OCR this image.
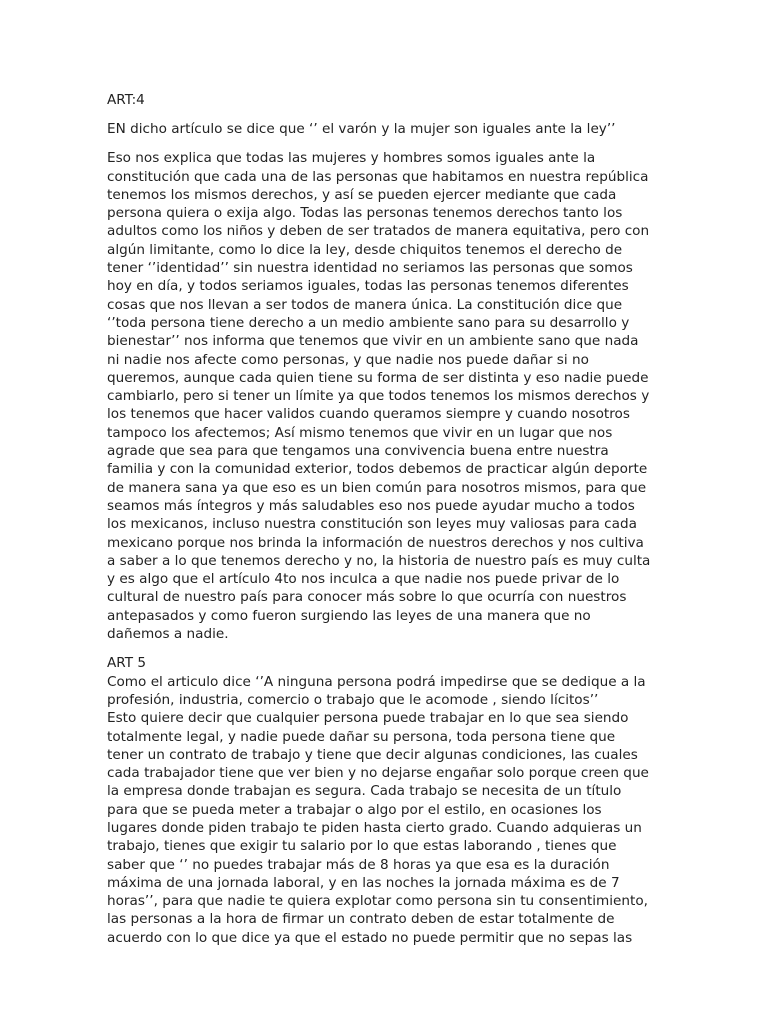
ART:4
EN dicho artículo se dice que ‘’ el varón y la mujer son iguales ante la ley’’
Eso nos explica que todas las mujeres y hombres somos iguales ante la
constitución que cada una de las personas que habitamos en nuestra república
tenemos los mismos derechos, y así se pueden ejercer mediante que cada
persona quiera o exija algo. Todas las personas tenemos derechos tanto los
adultos como los niños y deben de ser tratados de manera equitativa, pero con
algún limitante, como lo dice la ley, desde chiquitos tenemos el derecho de
tener ‘’identidad’’ sin nuestra identidad no seriamos las personas que somos
hoy en día, y todos seriamos iguales, todas las personas tenemos diferentes
cosas que nos llevan a ser todos de manera única. La constitución dice que
‘’toda persona tiene derecho a un medio ambiente sano para su desarrollo y
bienestar’’ nos informa que tenemos que vivir en un ambiente sano que nada
ni nadie nos afecte como personas, y que nadie nos puede dañar si no
queremos, aunque cada quien tiene su forma de ser distinta y eso nadie puede
cambiarlo, pero si tener un límite ya que todos tenemos los mismos derechos y
los tenemos que hacer validos cuando queramos siempre y cuando nosotros
tampoco los afectemos; Así mismo tenemos que vivir en un lugar que nos
agrade que sea para que tengamos una convivencia buena entre nuestra
familia y con la comunidad exterior, todos debemos de practicar algún deporte
de manera sana ya que eso es un bien común para nosotros mismos, para que
seamos más íntegros y más saludables eso nos puede ayudar mucho a todos
los mexicanos, incluso nuestra constitución son leyes muy valiosas para cada
mexicano porque nos brinda la información de nuestros derechos y nos cultiva
a saber a lo que tenemos derecho y no, la historia de nuestro país es muy culta
y es algo que el artículo 4to nos inculca a que nadie nos puede privar de lo
cultural de nuestro país para conocer más sobre lo que ocurría con nuestros
antepasados y como fueron surgiendo las leyes de una manera que no
dañemos a nadie.
ART 5
Como el articulo dice ‘’A ninguna persona podrá impedirse que se dedique a la
profesión, industria, comercio o trabajo que le acomode , siendo lícitos’’
Esto quiere decir que cualquier persona puede trabajar en lo que sea siendo
totalmente legal, y nadie puede dañar su persona, toda persona tiene que
tener un contrato de trabajo y tiene que decir algunas condiciones, las cuales
cada trabajador tiene que ver bien y no dejarse engañar solo porque creen que
la empresa donde trabajan es segura. Cada trabajo se necesita de un título
para que se pueda meter a trabajar o algo por el estilo, en ocasiones los
lugares donde piden trabajo te piden hasta cierto grado. Cuando adquieras un
trabajo, tienes que exigir tu salario por lo que estas laborando , tienes que
saber que ‘’ no puedes trabajar más de 8 horas ya que esa es la duración
máxima de una jornada laboral, y en las noches la jornada máxima es de 7
horas’’, para que nadie te quiera explotar como persona sin tu consentimiento,
las personas a la hora de firmar un contrato deben de estar totalmente de
acuerdo con lo que dice ya que el estado no puede permitir que no sepas las
